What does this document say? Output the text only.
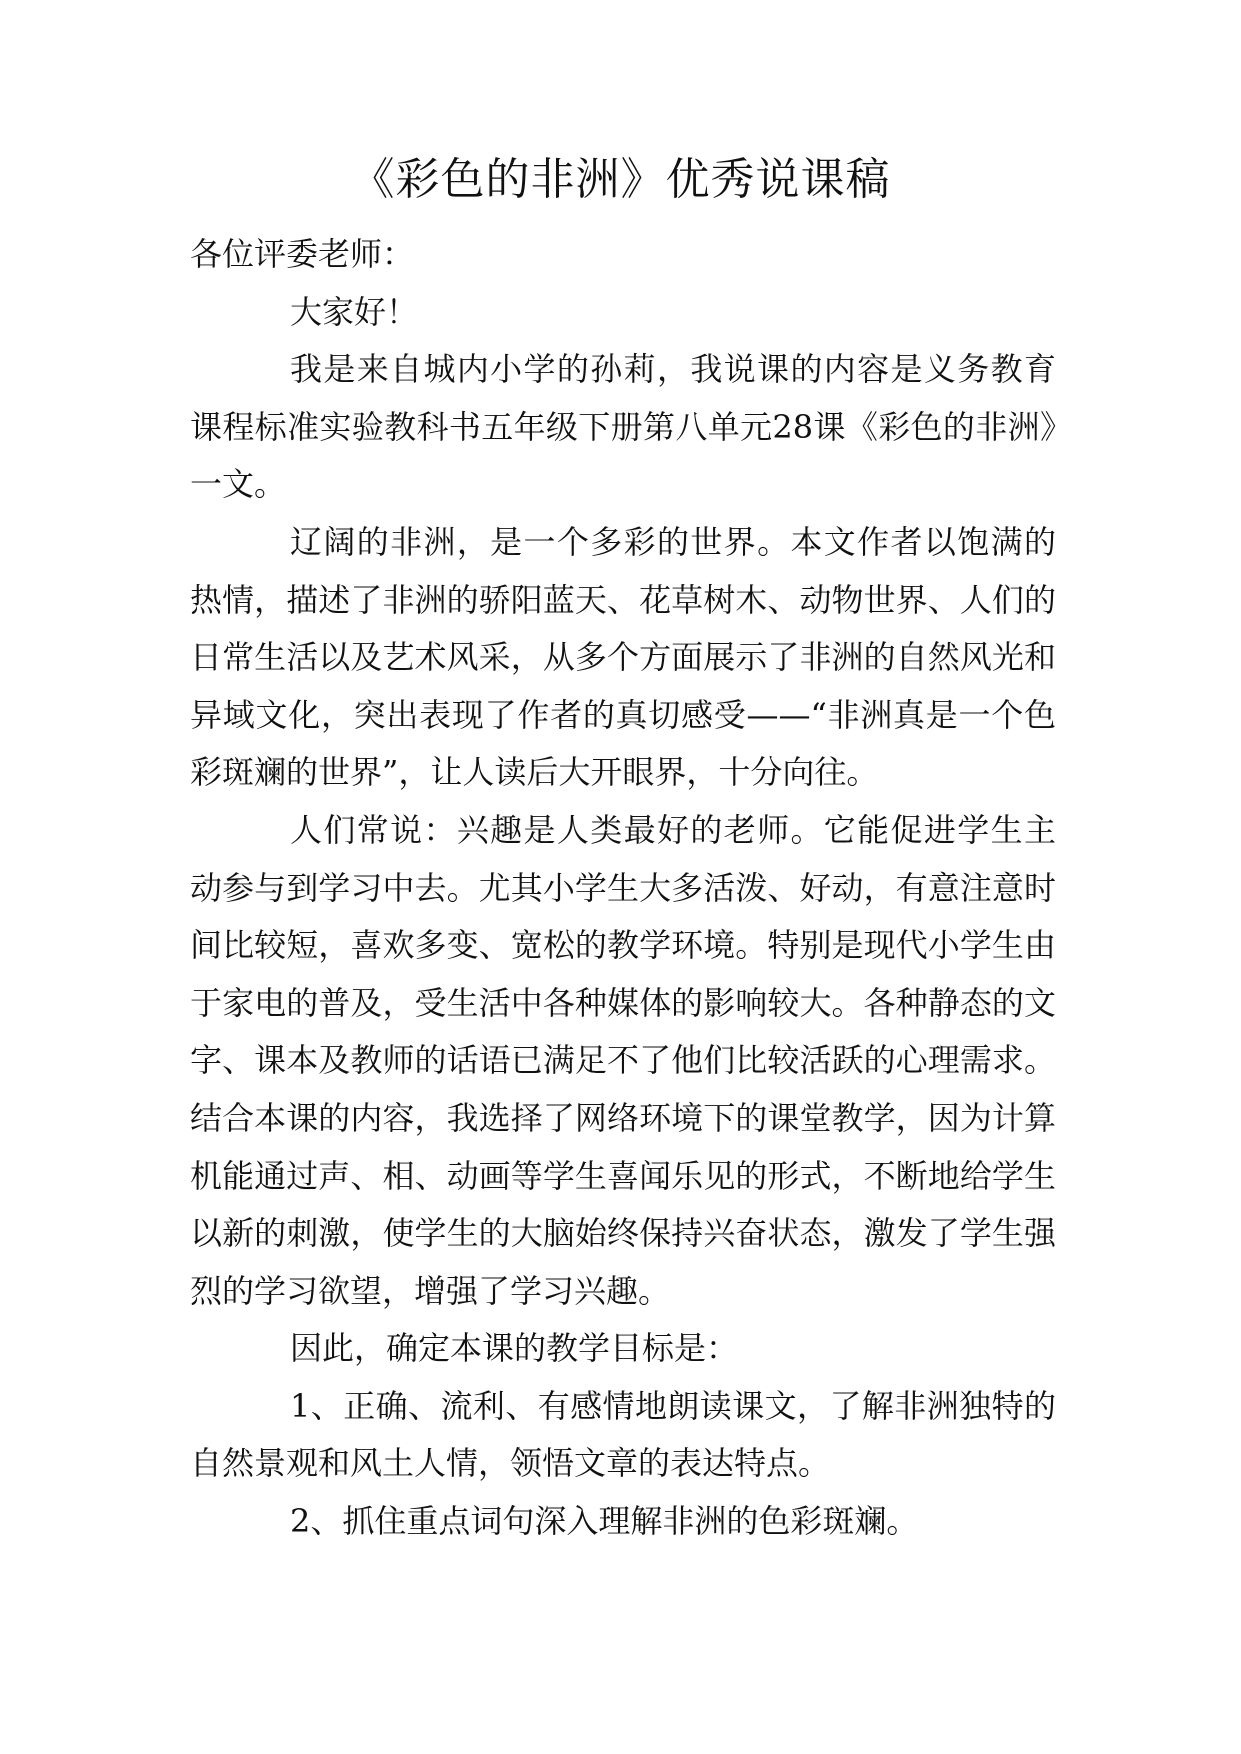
《彩色的非洲》优秀说课稿

各位评委老师：

大家好！

我是来自城内小学的孙莉，我说课的内容是义务教育课程标准实验教科书五年级下册第八单元28课《彩色的非洲》一文。

辽阔的非洲，是一个多彩的世界。本文作者以饱满的热情，描述了非洲的骄阳蓝天、花草树木、动物世界、人们的日常生活以及艺术风采，从多个方面展示了非洲的自然风光和异域文化，突出表现了作者的真切感受——“非洲真是一个色彩斑斓的世界”，让人读后大开眼界，十分向往。

人们常说：兴趣是人类最好的老师。它能促进学生主动参与到学习中去。尤其小学生大多活泼、好动，有意注意时间比较短，喜欢多变、宽松的教学环境。特别是现代小学生由于家电的普及，受生活中各种媒体的影响较大。各种静态的文字、课本及教师的话语已满足不了他们比较活跃的心理需求。结合本课的内容，我选择了网络环境下的课堂教学，因为计算机能通过声、相、动画等学生喜闻乐见的形式，不断地给学生以新的刺激，使学生的大脑始终保持兴奋状态，激发了学生强烈的学习欲望，增强了学习兴趣。

因此，确定本课的教学目标是：

1、正确、流利、有感情地朗读课文，了解非洲独特的自然景观和风土人情，领悟文章的表达特点。

2、抓住重点词句深入理解非洲的色彩斑斓。
